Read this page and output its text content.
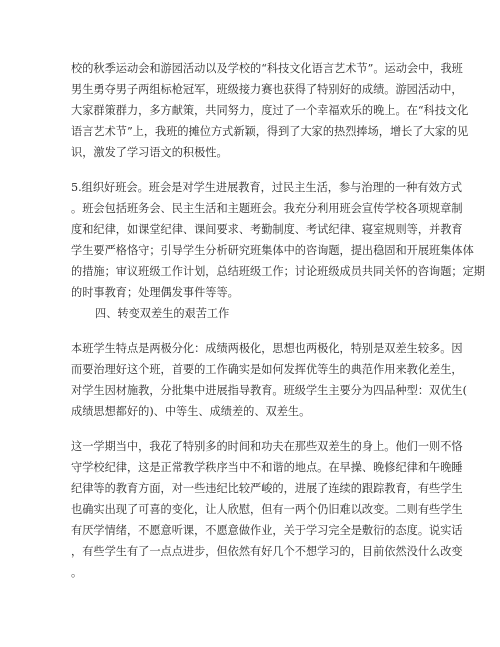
校的秋季运动会和游园活动以及学校的“科技文化语言艺术节”。运动会中，我班
男生勇夺男子两组标枪冠军，班级接力赛也获得了特别好的成绩。游园活动中，
大家群策群力，多方献策，共同努力，度过了一个幸福欢乐的晚上。在“科技文化
语言艺术节”上，我班的摊位方式新颖，得到了大家的热烈捧场，增长了大家的见
识，激发了学习语文的积极性。
5.组织好班会。班会是对学生进展教育，过民主生活，参与治理的一种有效方式
。班会包括班务会、民主生活和主题班会。我充分利用班会宣传学校各项规章制
度和纪律，如课堂纪律、课间要求、考勤制度、考试纪律、寝室规则等，并教育
学生要严格恪守；引导学生分析研究班集体中的咨询题，提出稳固和开展班集体体
的措施；审议班级工作计划，总结班级工作；讨论班级成员共同关怀的咨询题；定期
的时事教育；处理偶发事件等等。
四、转变双差生的艰苦工作
本班学生特点是两极分化：成绩两极化，思想也两极化，特别是双差生较多。因
而要治理好这个班，首要的工作确实是如何发挥优等生的典范作用来教化差生，
对学生因材施教，分批集中进展指导教育。班级学生主要分为四品种型：双优生(
成绩思想都好的)、中等生、成绩差的、双差生。
这一学期当中，我花了特别多的时间和功夫在那些双差生的身上。他们一则不恪
守学校纪律，这是正常教学秩序当中不和谐的地点。在早操、晚修纪律和午晚睡
纪律等的教育方面，对一些违纪比较严峻的，进展了连续的跟踪教育，有些学生
也确实出现了可喜的变化，让人欣慰，但有一两个仍旧难以改变。二则有些学生
有厌学情绪，不愿意听课，不愿意做作业，关于学习完全是敷衍的态度。说实话
，有些学生有了一点点进步，但依然有好几个不想学习的，目前依然没什么改变
。
